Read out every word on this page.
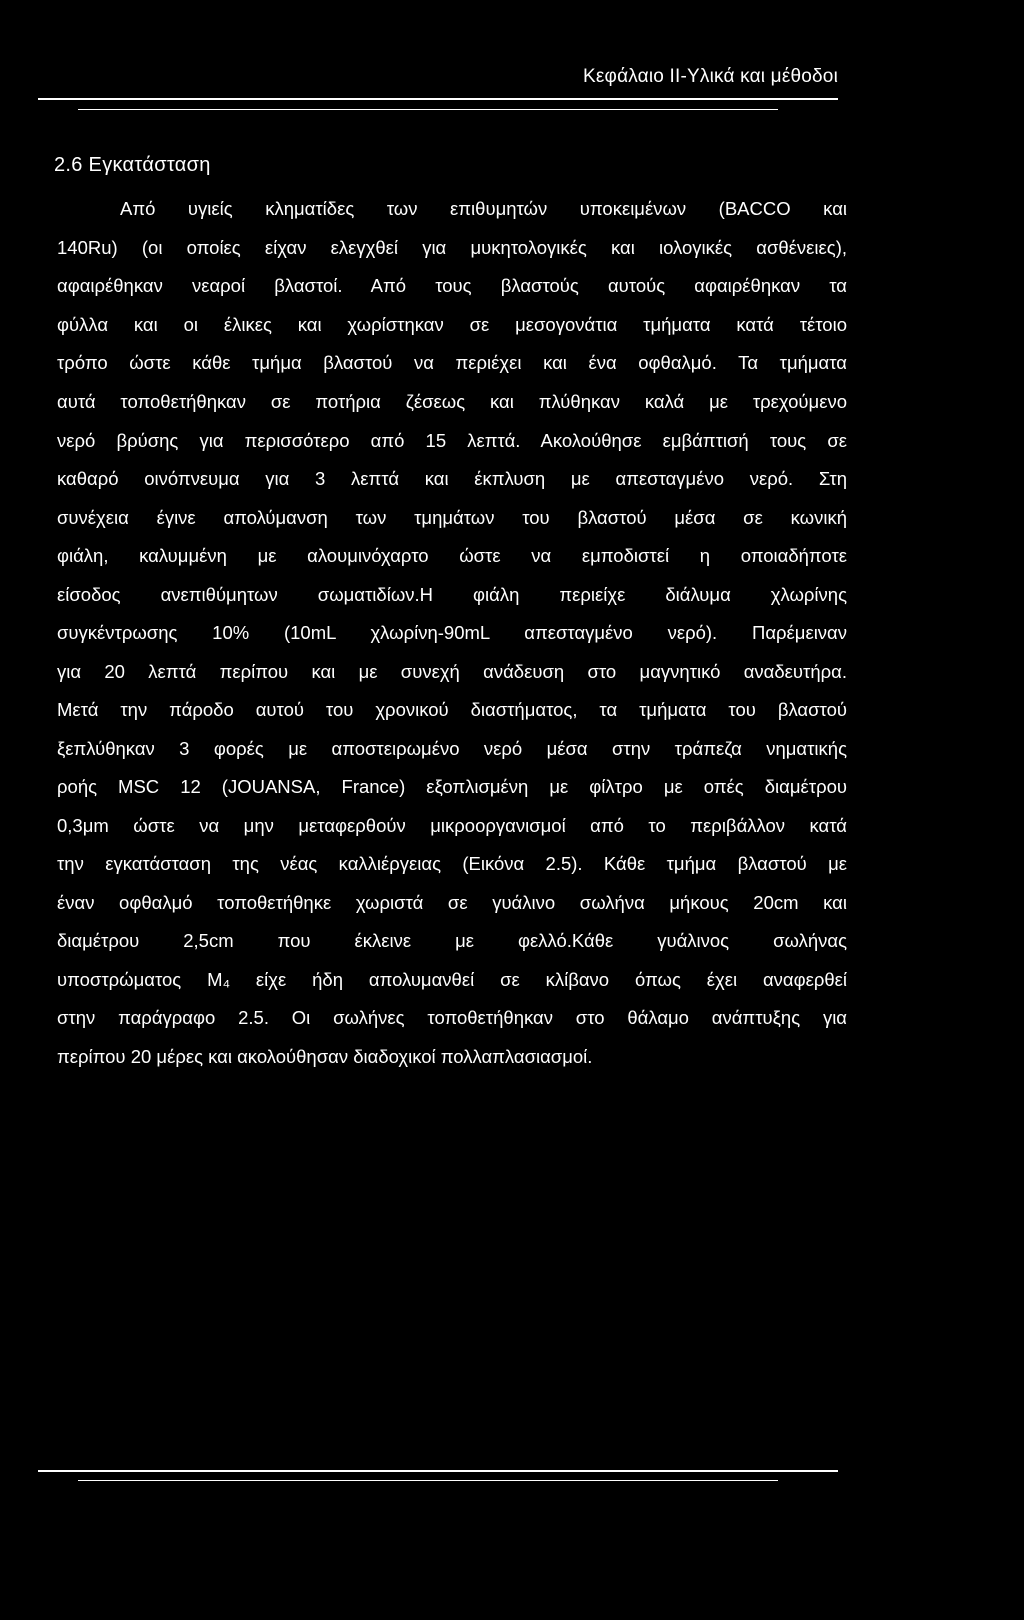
Κεφάλαιο ΙΙ-Υλικά και μέθοδοι
2.6 Εγκατάσταση
Από υγιείς κληματίδες των επιθυμητών υποκειμένων (BACCO και
140Ru) (οι οποίες είχαν ελεγχθεί για μυκητολογικές και ιολογικές ασθένειες),
αφαιρέθηκαν νεαροί βλαστοί. Από τους βλαστούς αυτούς αφαιρέθηκαν τα
φύλλα και οι έλικες και χωρίστηκαν σε μεσογονάτια τμήματα κατά τέτοιο
τρόπο ώστε κάθε τμήμα βλαστού να περιέχει και ένα οφθαλμό. Τα τμήματα
αυτά τοποθετήθηκαν σε ποτήρια ζέσεως και πλύθηκαν καλά με τρεχούμενο
νερό βρύσης για περισσότερο από 15 λεπτά. Ακολούθησε εμβάπτισή τους σε
καθαρό οινόπνευμα για 3 λεπτά και έκπλυση με απεσταγμένο νερό. Στη
συνέχεια έγινε απολύμανση των τμημάτων του βλαστού μέσα σε κωνική
φιάλη, καλυμμένη με αλουμινόχαρτο ώστε να εμποδιστεί η οποιαδήποτε
είσοδος ανεπιθύμητων σωματιδίων.Η φιάλη περιείχε διάλυμα χλωρίνης
συγκέντρωσης 10% (10mL χλωρίνη-90mL απεσταγμένο νερό). Παρέμειναν
για 20 λεπτά περίπου και με συνεχή ανάδευση στο μαγνητικό αναδευτήρα.
Μετά την πάροδο αυτού του χρονικού διαστήματος, τα τμήματα του βλαστού
ξεπλύθηκαν 3 φορές με αποστειρωμένο νερό μέσα στην τράπεζα νηματικής
ροής MSC 12 (JOUANSA, France) εξοπλισμένη με φίλτρο με οπές διαμέτρου
0,3μm ώστε να μην μεταφερθούν μικροοργανισμοί από το περιβάλλον κατά
την εγκατάσταση της νέας καλλιέργειας (Εικόνα 2.5). Κάθε τμήμα βλαστού με
έναν οφθαλμό τοποθετήθηκε χωριστά σε γυάλινο σωλήνα μήκους 20cm και
διαμέτρου 2,5cm που έκλεινε με φελλό.Κάθε γυάλινος σωλήνας
υποστρώματος M₄ είχε ήδη απολυμανθεί σε κλίβανο όπως έχει αναφερθεί
στην παράγραφο 2.5. Οι σωλήνες τοποθετήθηκαν στο θάλαμο ανάπτυξης για
περίπου 20 μέρες και ακολούθησαν διαδοχικοί πολλαπλασιασμοί.
